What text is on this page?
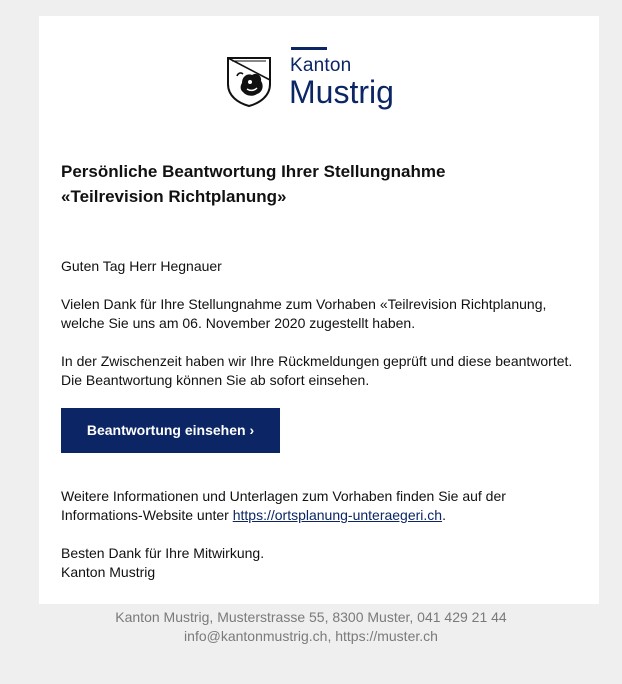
Kanton
Mustrig
Persönliche Beantwortung Ihrer Stellungnahme
«Teilrevision Richtplanung»
Guten Tag Herr Hegnauer
Vielen Dank für Ihre Stellungnahme zum Vorhaben «Teilrevision Richtplanung,
welche Sie uns am 06. November 2020 zugestellt haben.
In der Zwischenzeit haben wir Ihre Rückmeldungen geprüft und diese beantwortet.
Die Beantwortung können Sie ab sofort einsehen.
Beantwortung einsehen ›
Weitere Informationen und Unterlagen zum Vorhaben finden Sie auf der
Informations-Website unter https://ortsplanung-unteraegeri.ch.
Besten Dank für Ihre Mitwirkung.
Kanton Mustrig
Kanton Mustrig, Musterstrasse 55, 8300 Muster, 041 429 21 44
info@kantonmustrig.ch, https://muster.ch
